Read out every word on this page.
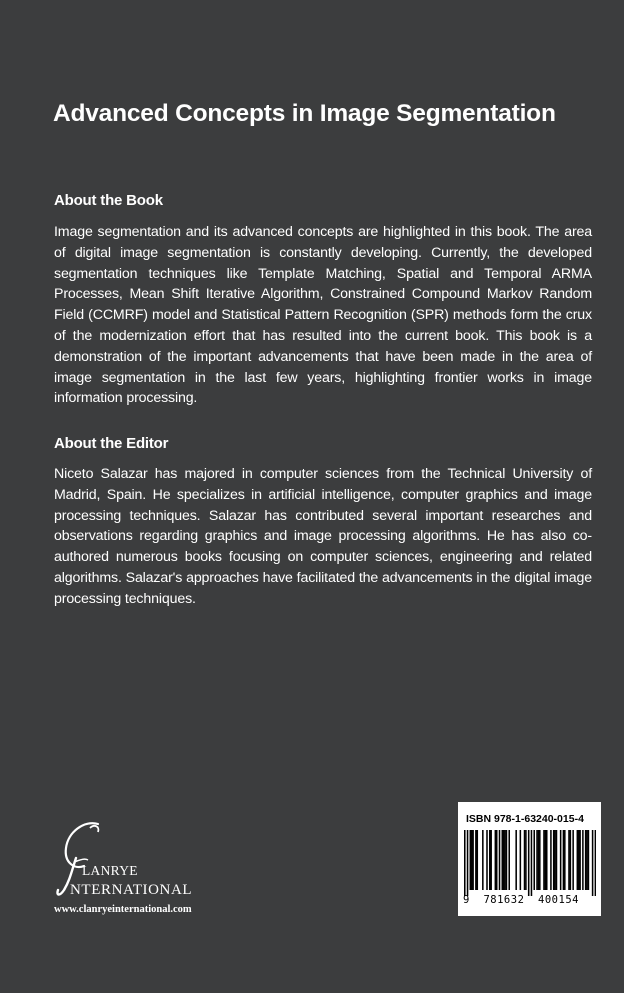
Advanced Concepts in Image Segmentation
About the Book

Image segmentation and its advanced concepts are highlighted in this book. The area of digital image segmentation is constantly developing. Currently, the developed segmentation techniques like Template Matching, Spatial and Temporal ARMA Processes, Mean Shift Iterative Algorithm, Constrained Compound Markov Random Field (CCMRF) model and Statistical Pattern Recognition (SPR) methods form the crux of the modernization effort that has resulted into the current book. This book is a demonstration of the important advancements that have been made in the area of image segmentation in the last few years, highlighting frontier works in image information processing.

About the Editor

Niceto Salazar has majored in computer sciences from the Technical University of Madrid, Spain. He specializes in artificial intelligence, computer graphics and image processing techniques. Salazar has contributed several important researches and observations regarding graphics and image processing algorithms. He has also co-authored numerous books focusing on computer sciences, engineering and related algorithms. Salazar's approaches have facilitated the advancements in the digital image processing techniques.

LANRYE
NTERNATIONAL
www.clanryeinternational.com
ISBN 978-1-63240-015-4
9  781632  400154
